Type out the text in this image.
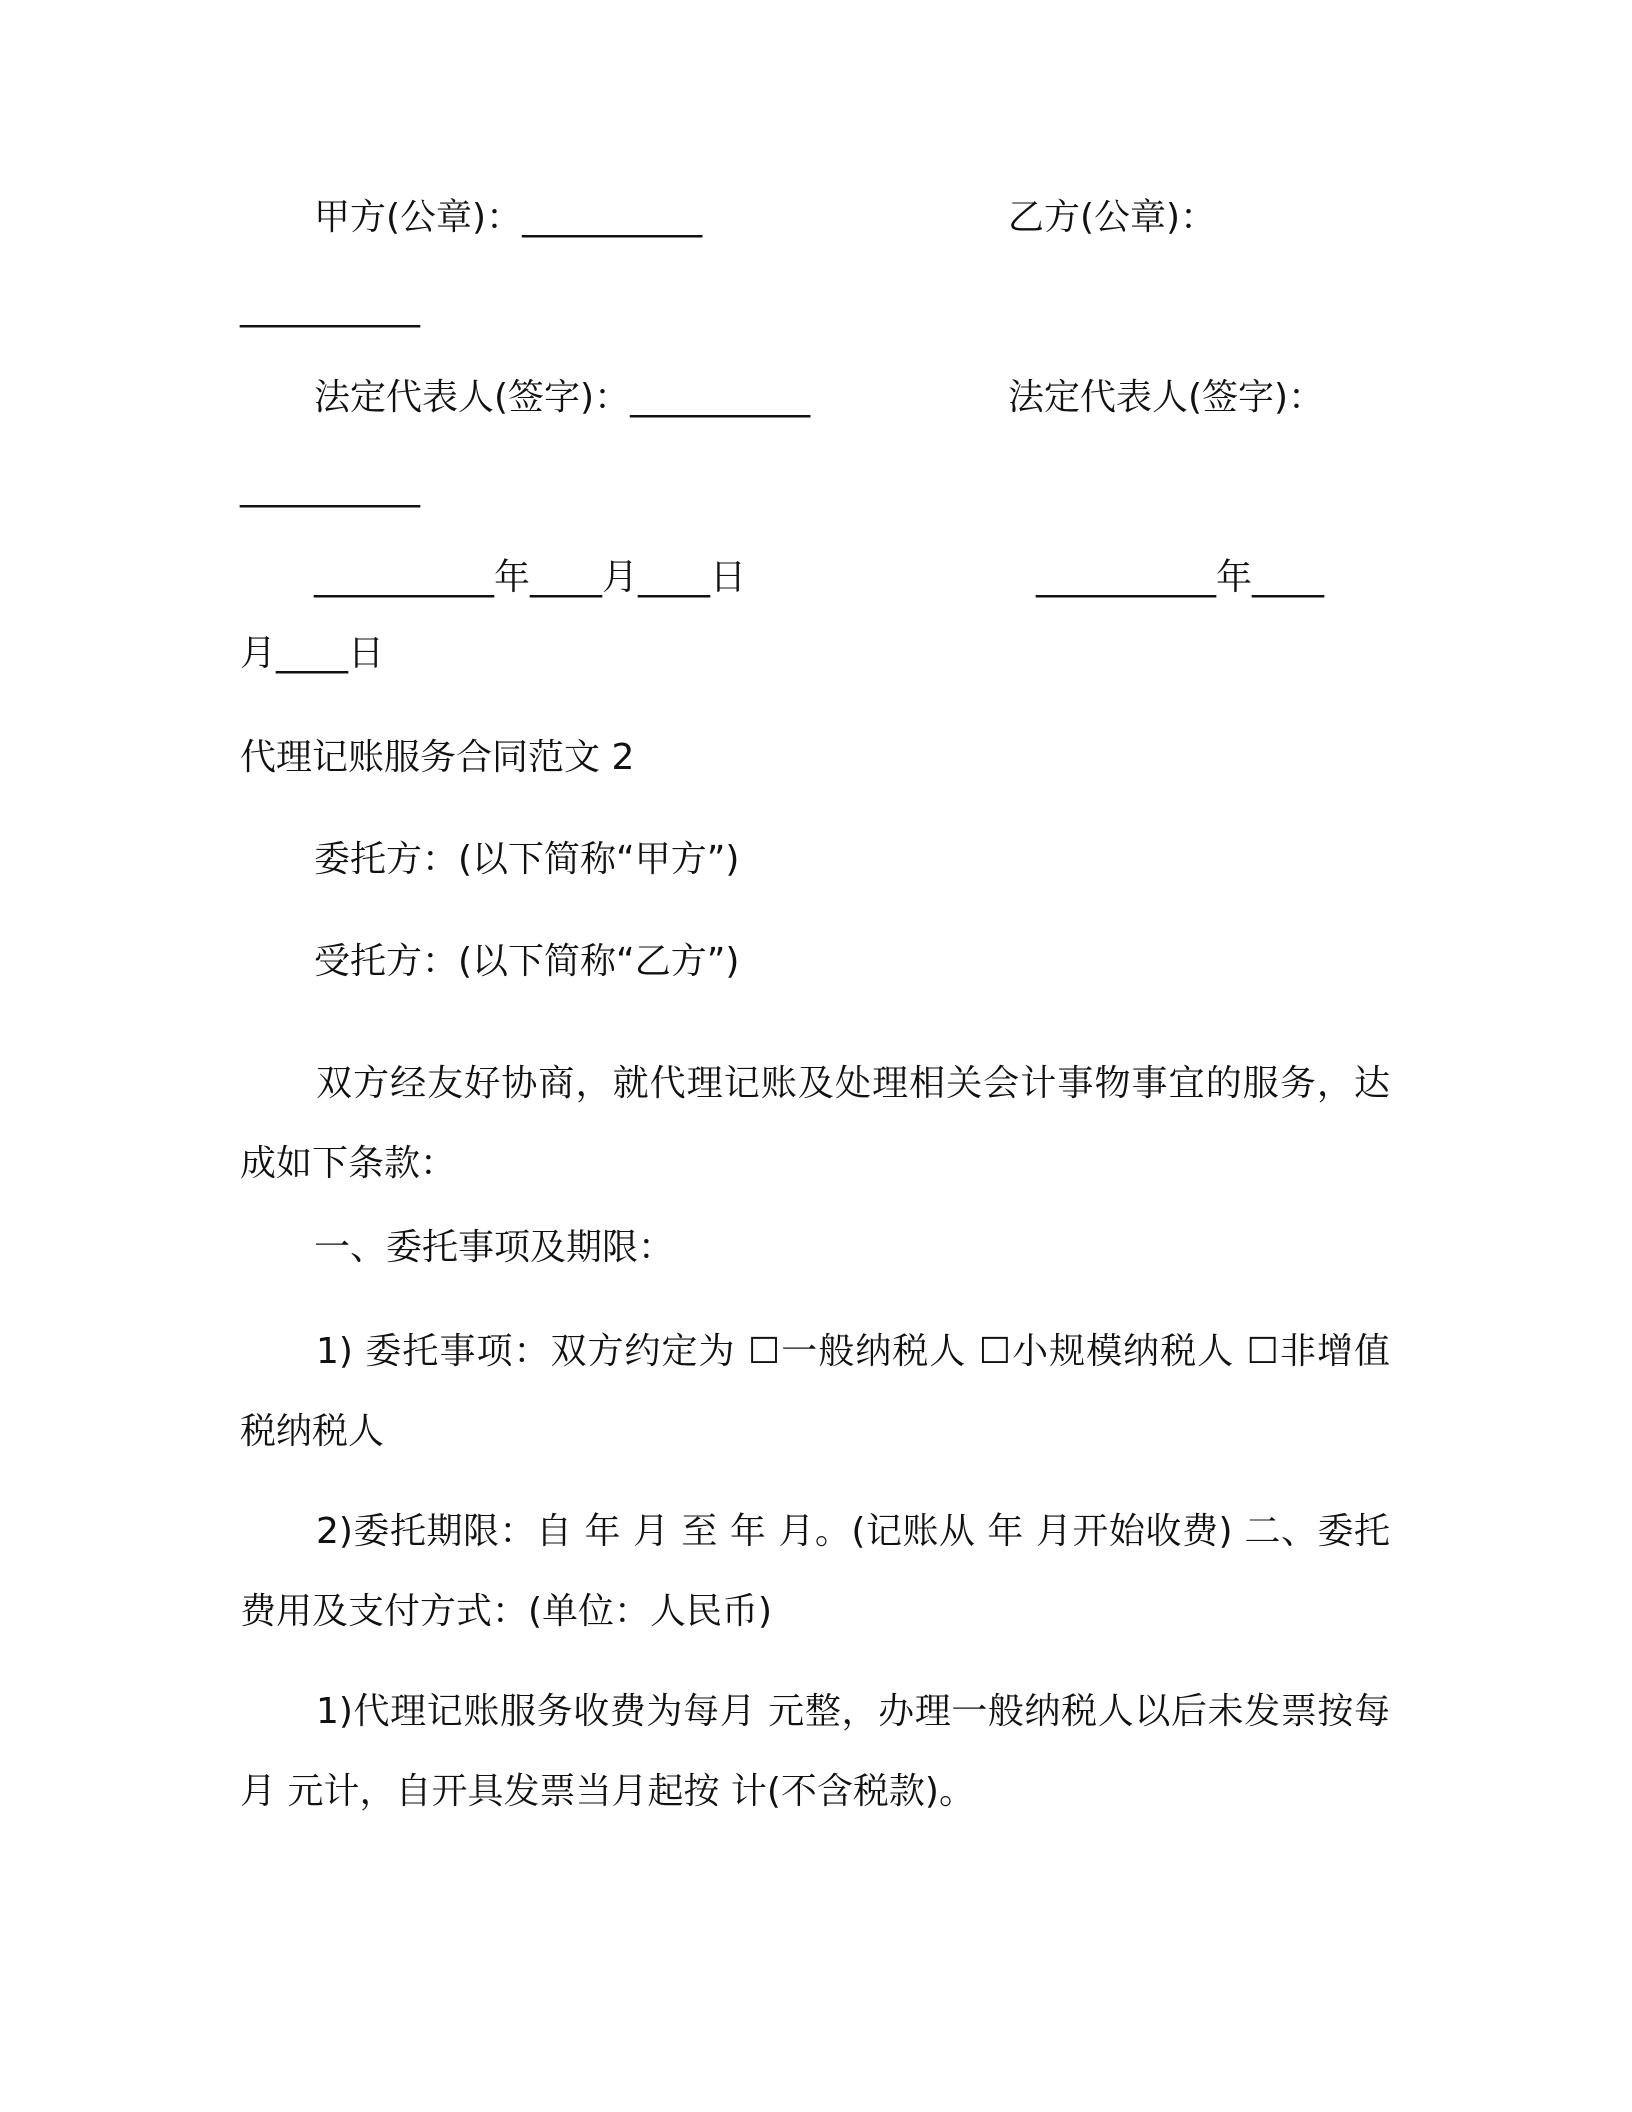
甲方(公章)：__________	乙方(公章)：
__________
法定代表人(签字)：__________	法定代表人(签字)：
__________
__________年____月____日	__________年____
月____日
代理记账服务合同范文 2
委托方：(以下简称“甲方”)
受托方：(以下简称“乙方”)
双方经友好协商，就代理记账及处理相关会计事物事宜的服务，达成如下条款：
一、委托事项及期限：
1) 委托事项：双方约定为 ☐一般纳税人 ☐小规模纳税人 ☐非增值税纳税人
2)委托期限：自 年 月 至 年 月。(记账从 年 月开始收费) 二、委托费用及支付方式：(单位：人民币)
1)代理记账服务收费为每月 元整，办理一般纳税人以后未发票按每月 元计，自开具发票当月起按 计(不含税款)。
